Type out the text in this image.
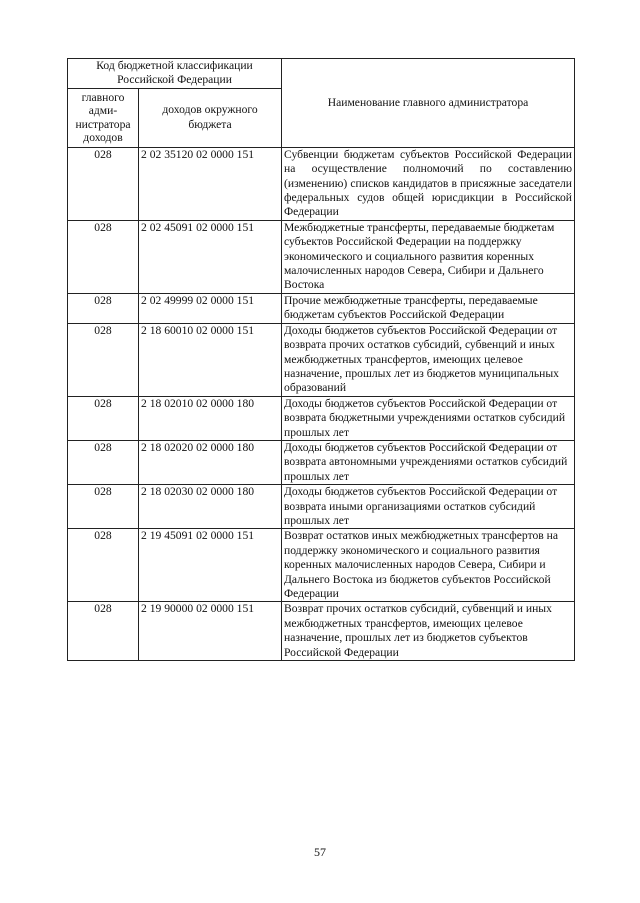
Код бюджетной классификации Российской Федерации		Наименование главного администратора
главного адми-нистратора доходов	доходов окружного бюджета	
028	2 02 35120 02 0000 151	Субвенции бюджетам субъектов Российской Федерации на осуществление полномочий по составлению (изменению) списков кандидатов в присяжные заседатели федеральных судов общей юрисдикции в Российской Федерации
028	2 02 45091 02 0000 151	Межбюджетные трансферты, передаваемые бюджетам субъектов Российской Федерации на поддержку экономического и социального развития коренных малочисленных народов Севера, Сибири и Дальнего Востока
028	2 02 49999 02 0000 151	Прочие межбюджетные трансферты, передаваемые бюджетам субъектов Российской Федерации
028	2 18 60010 02 0000 151	Доходы бюджетов субъектов Российской Федерации от возврата прочих остатков субсидий, субвенций и иных межбюджетных трансфертов, имеющих целевое назначение, прошлых лет из бюджетов муниципальных образований
028	2 18 02010 02 0000 180	Доходы бюджетов субъектов Российской Федерации от возврата бюджетными учреждениями остатков субсидий прошлых лет
028	2 18 02020 02 0000 180	Доходы бюджетов субъектов Российской Федерации от возврата автономными учреждениями остатков субсидий прошлых лет
028	2 18 02030 02 0000 180	Доходы бюджетов субъектов Российской Федерации от возврата иными организациями остатков субсидий прошлых лет
028	2 19 45091 02 0000 151	Возврат остатков иных межбюджетных трансфертов на поддержку экономического и социального развития коренных малочисленных народов Севера, Сибири и Дальнего Востока из бюджетов субъектов Российской Федерации
028	2 19 90000 02 0000 151	Возврат прочих остатков субсидий, субвенций и иных межбюджетных трансфертов, имеющих целевое назначение, прошлых лет из бюджетов субъектов Российской Федерации
57
